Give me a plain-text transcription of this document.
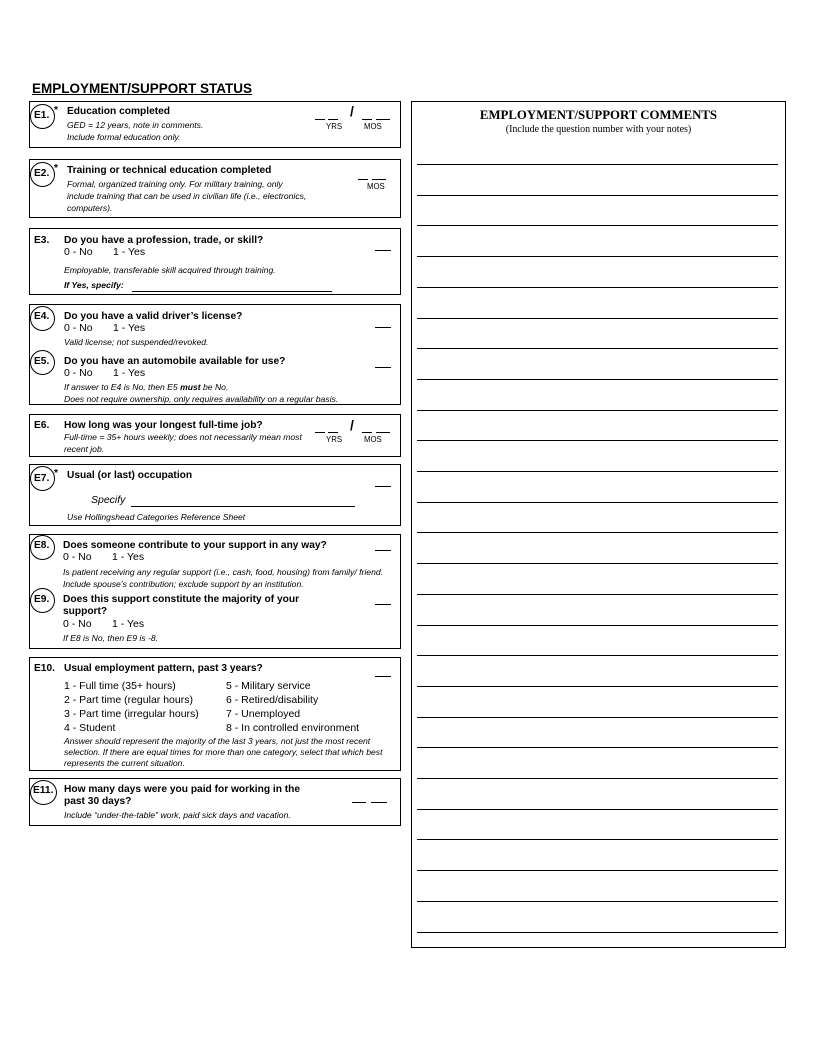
EMPLOYMENT/SUPPORT STATUS
E1. * Education completed
GED = 12 years, note in comments.
Include formal education only.
/
YRS	MOS
E2. * Training or technical education completed
Formal, organized training only. For military training, only include training that can be used in civilian life (i.e., electronics, computers).
MOS
E3. Do you have a profession, trade, or skill?
0 - No 1 - Yes
Employable, transferable skill acquired through training.
If Yes, specify:
E4. Do you have a valid driver’s license?
0 - No 1 - Yes
Valid license; not suspended/revoked.
E5. Do you have an automobile available for use?
0 - No 1 - Yes
If answer to E4 is No, then E5 must be No.
Does not require ownership, only requires availability on a regular basis.
E6. How long was your longest full-time job?
Full-time = 35+ hours weekly; does not necessarily mean most recent job.
/
YRS	MOS
E7. * Usual (or last) occupation
Specify
Use Hollingshead Categories Reference Sheet
E8. Does someone contribute to your support in any way?
0 - No 1 - Yes
Is patient receiving any regular support (i.e., cash, food, housing) from family/ friend. Include spouse’s contribution; exclude support by an institution.
E9. Does this support constitute the majority of your
support?
0 - No 1 - Yes
If E8 is No, then E9 is -8.
E10. Usual employment pattern, past 3 years?
1 - Full time (35+ hours)
2 - Part time (regular hours)
3 - Part time (irregular hours)
4 - Student
5 - Military service
6 - Retired/disability
7 - Unemployed
8 - In controlled environment
Answer should represent the majority of the last 3 years, not just the most recent selection. If there are equal times for more than one category, select that which best represents the current situation.
E11. How many days were you paid for working in the
past 30 days?
Include “under-the-table” work, paid sick days and vacation.
EMPLOYMENT/SUPPORT COMMENTS
(Include the question number with your notes)
